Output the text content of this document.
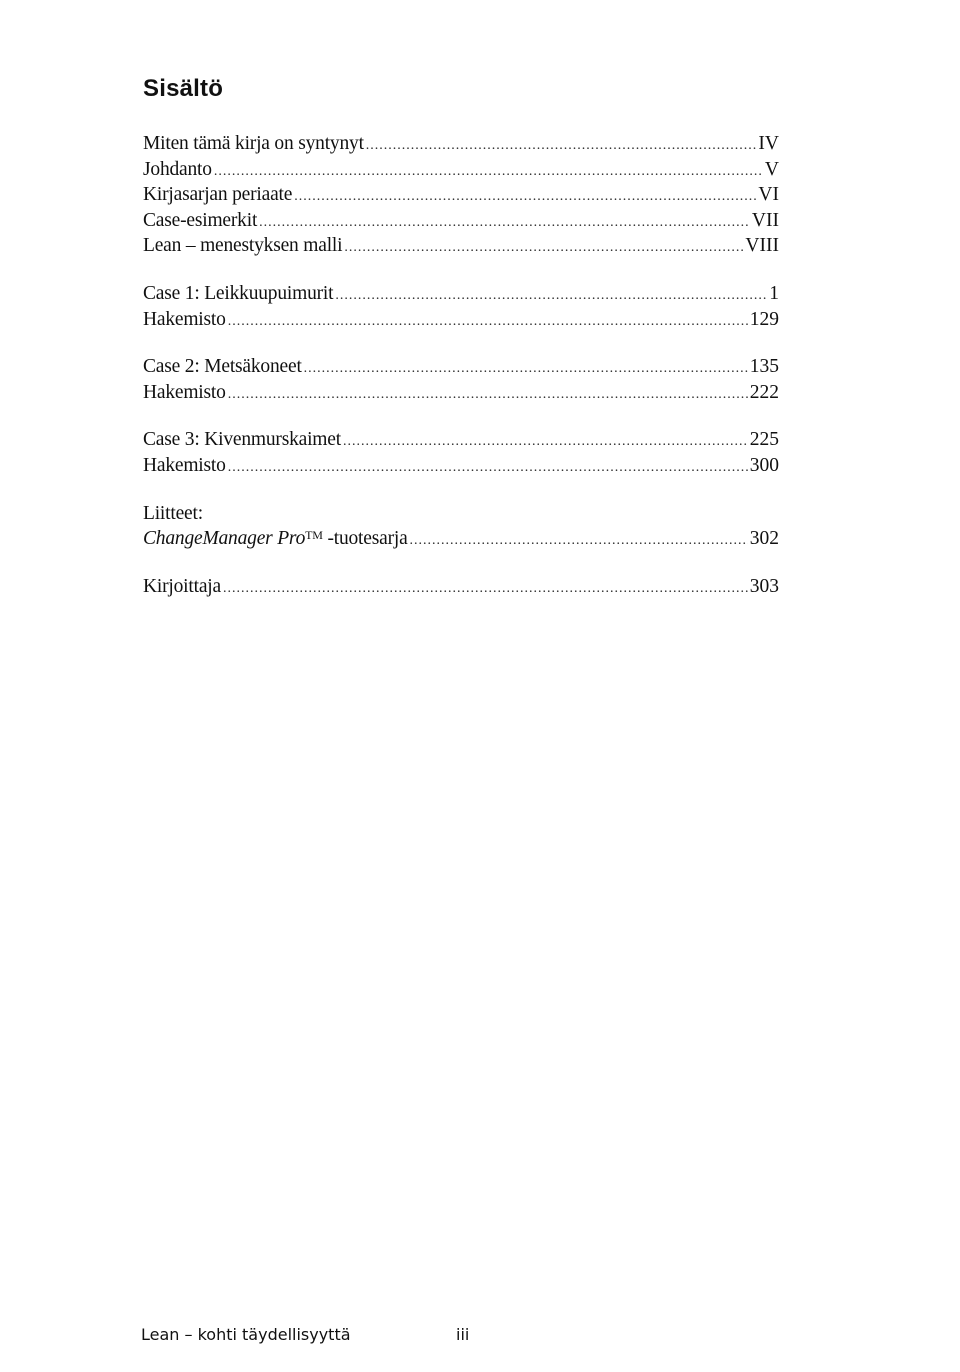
Sisältö
Miten tämä kirja on syntynyt .....	IV
Johdanto .....	V
Kirjasarjan periaate .....	VI
Case-esimerkit .....	VII
Lean – menestyksen malli .....	VIII
Case 1: Leikkuupuimurit .....	1
Hakemisto .....	129
Case 2: Metsäkoneet .....	135
Hakemisto .....	222
Case 3: Kivenmurskaimet .....	225
Hakemisto .....	300
Liitteet:
ChangeManager Pro™ -tuotesarja .....	302
Kirjoittaja .....	303
Lean – kohti täydellisyyttä	iii
